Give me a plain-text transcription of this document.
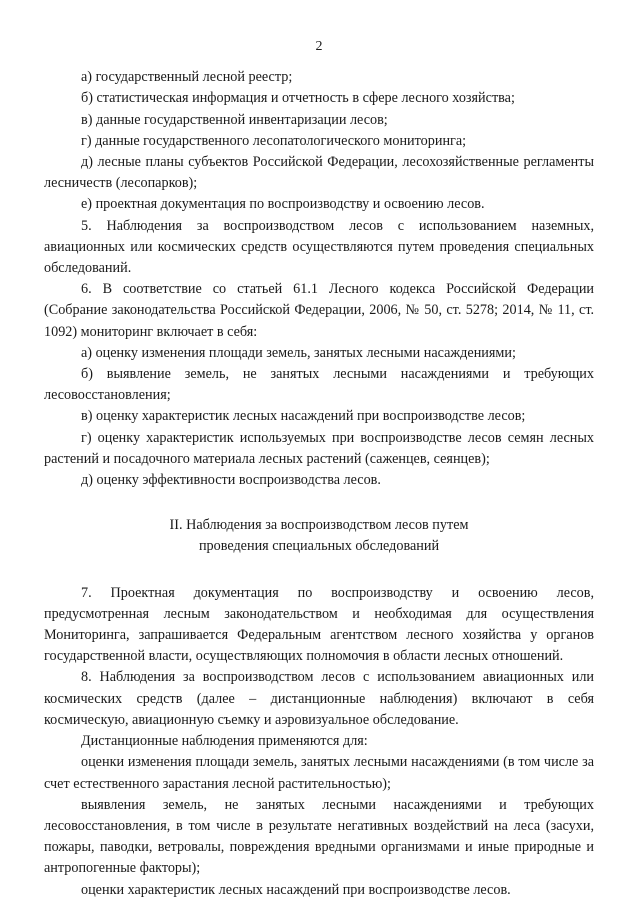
2

а) государственный лесной реестр;

б) статистическая информация и отчетность в сфере лесного хозяйства;

в) данные государственной инвентаризации лесов;

г) данные государственного лесопатологического мониторинга;

д) лесные планы субъектов Российской Федерации, лесохозяйственные регламенты лесничеств (лесопарков);

е) проектная документация по воспроизводству и освоению лесов.

5. Наблюдения за воспроизводством лесов с использованием наземных, авиационных или космических средств осуществляются путем проведения специальных обследований.

6. В соответствие со статьей 61.1 Лесного кодекса Российской Федерации (Собрание законодательства Российской Федерации, 2006, № 50, ст. 5278; 2014, № 11, ст. 1092) мониторинг включает в себя:

а) оценку изменения площади земель, занятых лесными насаждениями;

б) выявление земель, не занятых лесными насаждениями и требующих лесовосстановления;

в) оценку характеристик лесных насаждений при воспроизводстве лесов;

г) оценку характеристик используемых при воспроизводстве лесов семян лесных растений и посадочного материала лесных растений (саженцев, сеянцев);

д) оценку эффективности воспроизводства лесов.

II. Наблюдения за воспроизводством лесов путем
проведения специальных обследований

7. Проектная документация по воспроизводству и освоению лесов, предусмотренная лесным законодательством и необходимая для осуществления Мониторинга, запрашивается Федеральным агентством лесного хозяйства у органов государственной власти, осуществляющих полномочия в области лесных отношений.

8. Наблюдения за воспроизводством лесов с использованием авиационных или космических средств (далее – дистанционные наблюдения) включают в себя космическую, авиационную съемку и аэровизуальное обследование.

Дистанционные наблюдения применяются для:

оценки изменения площади земель, занятых лесными насаждениями (в том числе за счет естественного зарастания лесной растительностью);

выявления земель, не занятых лесными насаждениями и требующих лесовосстановления, в том числе в результате негативных воздействий на леса (засухи, пожары, паводки, ветровалы, повреждения вредными организмами и иные природные и антропогенные факторы);

оценки характеристик лесных насаждений при воспроизводстве лесов.
